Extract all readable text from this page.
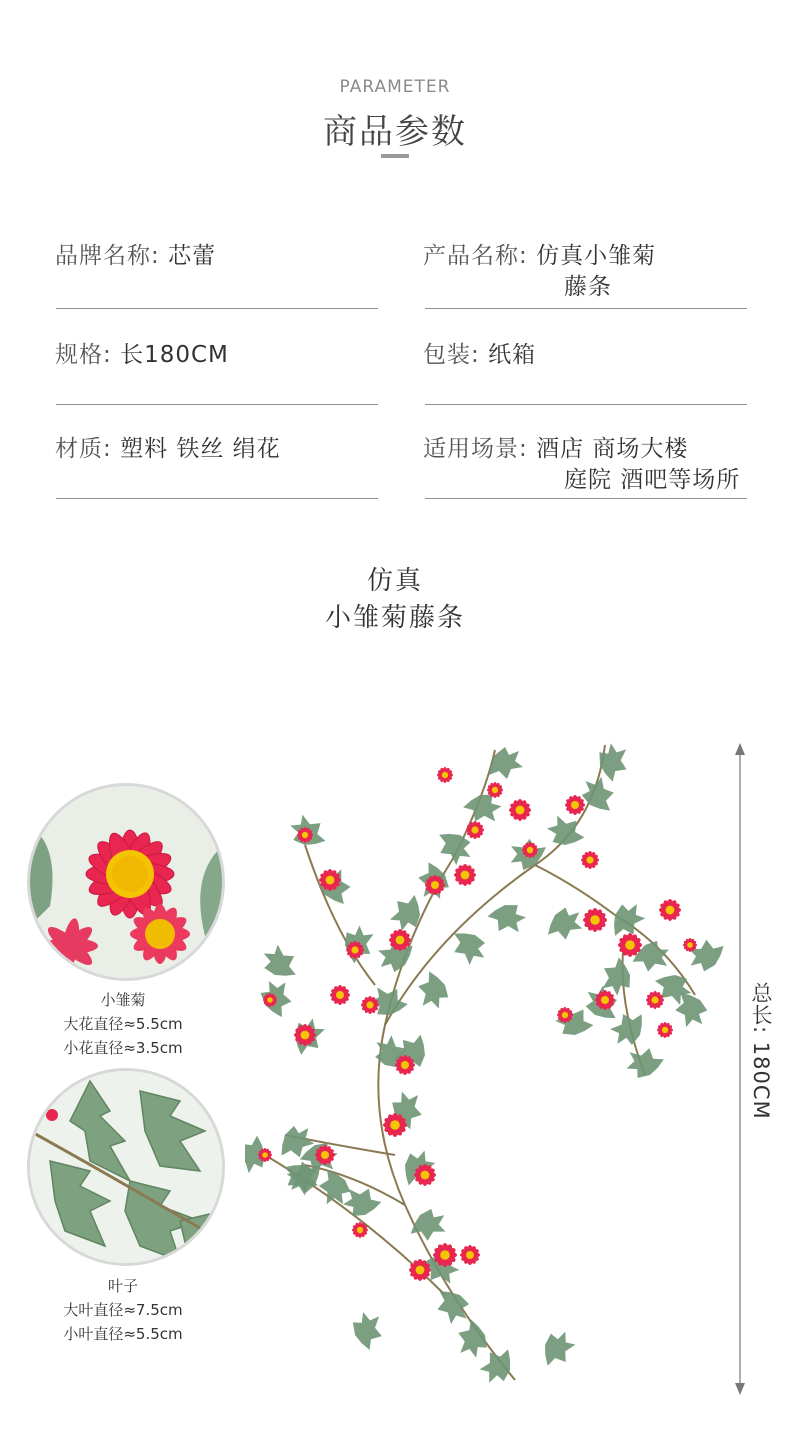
PARAMETER
商品参数
品牌名称: 芯蕾	产品名称: 仿真小雏菊
藤条
规格: 长180CM	包装: 纸箱
材质: 塑料 铁丝 绢花	适用场景: 酒店 商场大楼
庭院 酒吧等场所
仿真
小雏菊藤条
小雏菊
大花直径≈5.5cm
小花直径≈3.5cm
叶子
大叶直径≈7.5cm
小叶直径≈5.5cm
总长: 180CM
